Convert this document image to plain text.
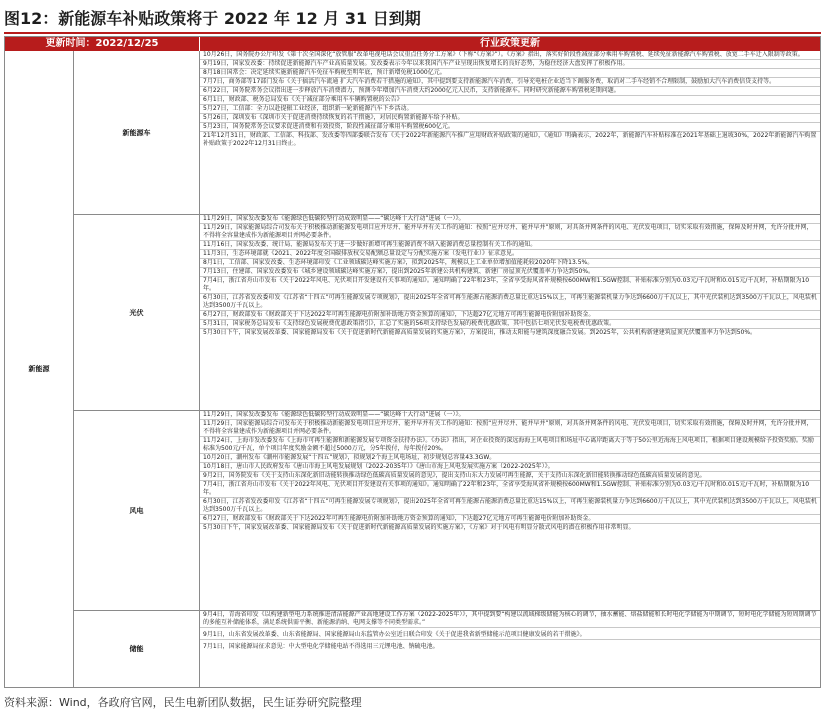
图12：新能源车补贴政策将于 2022 年 12 月 31 日到期
更新时间：2022/12/25	行业政策更新
新能源
新能源车
10月26日，国务院办公厅印发《第十次全国深化“放管服”改革电视电话会议重点任务分工方案》（下称“《方案》”）。《方案》指出，落实好阶段性减征部分乘用车购置税、延续免征新能源汽车购置税、放宽二手车迁入限制等政策。
9月19日，国家发改委：持续促进新能源汽车产业高质量发展。发改委表示今年以来我国汽车产业呈现出恢复增长的良好态势，为稳住经济大盘发挥了积极作用。
8月18日国常会：决定延续实施新能源汽车免征车购税至明年底，预计新增免税1000亿元。
7月7日，商务部等17部门发布《关于搞活汽车流通 扩大汽车消费若干措施的通知》，其中提到要支持新能源汽车消费，引导充电桩企业适当下调服务费，取消对二手车经销不合理限制，鼓励加大汽车消费信贷支持等。
6月22日，国务院常务会议指出进一步释放汽车消费潜力，预测今年增加汽车消费大约2000亿元人民币，支持新能源车。同时研究新能源车购置税延期问题。
6月1日，财政部、税务总局发布《关于减征部分乘用车车辆购置税的公告》
5月27日，工信部：全力以赴提振工业经济，组织新一轮新能源汽车下乡活动。
5月26日，深圳发布《深圳市关于促进消费持续恢复的若干措施》，对居民购置新能源车给予补贴。
5月23日，国务院常务会议要求促进消费和有效投资，阶段性减征部分乘用车购置税600亿元。
21年12月31日，财政部、工信部、科技部、发改委等四部委联合发布《关于2022年新能源汽车推广应用财政补贴政策的通知》，《通知》明确表示，2022年，新能源汽车补贴标准在2021年基础上退坡30%，2022年新能源汽车购置补贴政策于2022年12月31日终止。
光伏
11月29日，国家发改委发布《能源绿色低碳转型行动成效明显——“碳达峰十大行动”进展（一）》。
11月29日，国家能源局综合司发布关于积极推动新能源发电项目应并尽并、能并早并有关工作的通知：按照“应并尽并、能并早并”原则，对具备并网条件的风电、光伏发电项目，切实采取有效措施，保障及时并网，允许分批并网，不得将全容量建成作为新能源项目并网必要条件。
11月16日，国家发改委、统计局、能源局发布关于进一步做好新增可再生能源消费不纳入能源消费总量控制有关工作的通知。
11月3日，生态环境部就《2021、2022年度全国碳排放权交易配额总量设定与分配实施方案（发电行业）》征求意见。
8月1日，工信部、国家发改委、生态环境部印发《工业领域碳达峰实施方案》，拟到2025年，规模以上工业单位增加值能耗较2020年下降13.5%。
7月13日，住建部、国家发改委发布《城乡建设领域碳达峰实施方案》，提出到2025年新建公共机构建筑、新建厂房屋顶光伏覆盖率力争达到50%。
7月4日，浙江省舟山市发布《关于2022年风电、光伏项目开发建设有关事项的通知》。通知明确了22年和23年，全省享受海风省补规模按600MW和1.5GW控制、补贴标准分别为0.03元/千瓦时和0.015元/千瓦时，补贴期限为10年。
6月30日，江苏省发改委印发《江苏省“十四五”可再生能源发展专项规划》，提出2025年全省可再生能源占能源消费总量比重达15%以上，可再生能源装机量力争达到6600万千瓦以上，其中光伏装机达到3500万千瓦以上，风电装机达到3500万千瓦以上。
6月27日，财政部发布《财政部关于下达2022年可再生能源电价附加补助地方资金预算的通知》，下达超27亿元地方可再生能源电价附加补助资金。
5月31日，国家税务总局发布《支持绿色发展税费优惠政策指引》，汇总了实施的56项支持绿色发展的税费优惠政策，其中包括七项光伏发电税费优惠政策。
5月30日下午，国家发展改革委、国家能源局发布《关于促进新时代新能源高质量发展的实施方案》，方案提出，推动太阳能与建筑深度融合发展。到2025年，公共机构新建建筑屋顶光伏覆盖率力争达到50%。
风电
11月29日，国家发改委发布《能源绿色低碳转型行动成效明显——“碳达峰十大行动”进展（一）》。
11月29日，国家能源局综合司发布关于积极推动新能源发电项目应并尽并、能并早并有关工作的通知：按照“应并尽并、能并早并”原则，对具备并网条件的风电、光伏发电项目，切实采取有效措施，保障及时并网，允许分批并网，不得将全容量建成作为新能源项目并网必要条件。
11月24日，上海市发改委发布《上海市可再生能源和新能源发展专项资金扶持办法》。《办法》指出，对企业投资的深远海海上风电项目和场址中心离岸距离大于等于50公里近海海上风电项目，根据项目建设规模给予投资奖励。奖励标准为500元/千瓦，单个项目年度奖励金额不超过5000万元，分5年拨付，每年拨付20%。
10月20日，潮州发布《潮州市能源发展“十四五”规划》，拟规划2个海上风电场址，初步规划总容量43.3GW。
10月18日，唐山市人民政府发布《唐山市海上风电发展规划（2022-2035年）》《唐山市海上风电发展实施方案（2022-2025年）》。
9月2日，国务院发布《关于支持山东深化新旧动能转换推动绿色低碳高质量发展的意见》，提出支持山东大力发展可再生能源，关于支持山东深化新旧能转换推动绿色低碳高质量发展的意见。
7月4日，浙江省舟山市发布《关于2022年风电、光伏项目开发建设有关事项的通知》。通知明确了22年和23年，全省享受海风省补规模按600MW和1.5GW控制、补贴标准分别为0.03元/千瓦时和0.015元/千瓦时，补贴期限为10年。
6月30日，江苏省发改委印发《江苏省“十四五”可再生能源发展专项规划》，提出2025年全省可再生能源占能源消费总量比重达15%以上，可再生能源装机量力争达到6600万千瓦以上，其中光伏装机达到3500万千瓦以上，风电装机达到3500万千瓦以上。
6月27日，财政部发布《财政部关于下达2022年可再生能源电价附加补助地方资金预算的通知》，下达超27亿元地方可再生能源电价附加补助资金。
5月30日下午，国家发展改革委、国家能源局发布《关于促进新时代新能源高质量发展的实施方案》，《方案》对于风电有明显分散式风电的潜在积极作用非常明显。
储能
9月4日，青海省印发《以构建新型电力系统推进清洁能源产业高地建设工作方案（2022-2025年）》，其中提到要“构建以流域梯级储能为核心的调节，抽水蓄能、熔盐储能和长时电化学储能为中期调节，短时电化学储能为短周期调节的多能互补储能体系，满足系统供需平衡、新能源消纳、电网支撑等不同类型需求。”
9月1日，山东省发展改革委、山东省能源局、国家能源局山东监管办公室近日联合印发《关于促进我省新型储能示范项目健康发展的若干措施》。
7月1日，国家能源局征求意见：中大型电化学储能电站不得选用三元锂电池、钠硫电池。
资料来源：Wind，各政府官网，民生电新团队数据，民生证券研究院整理
